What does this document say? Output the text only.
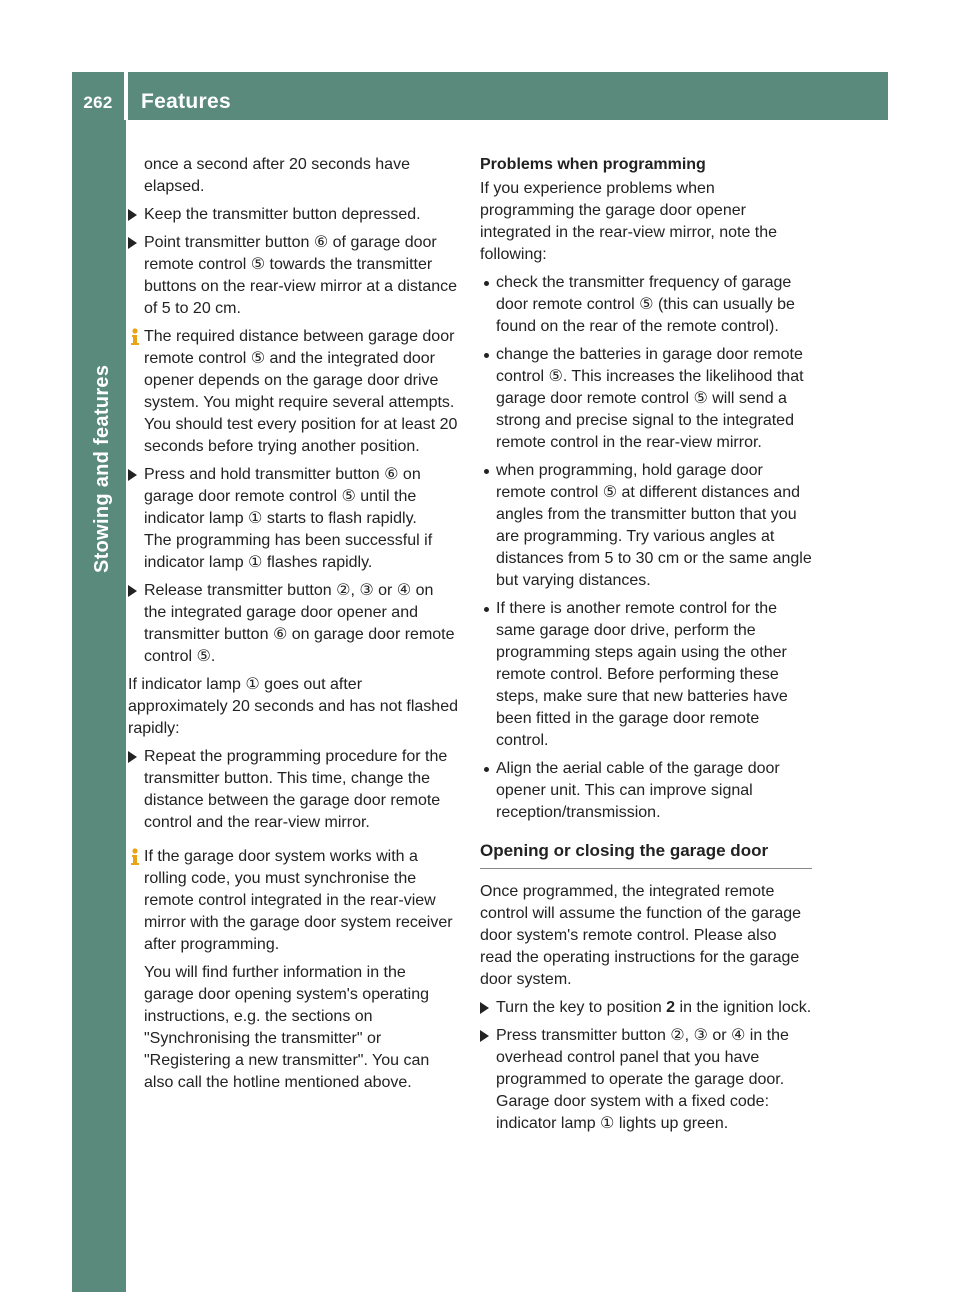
262	Features
Stowing and features
once a second after 20 seconds have elapsed.
Keep the transmitter button depressed.
Point transmitter button ⑥ of garage door remote control ⑤ towards the transmitter buttons on the rear-view mirror at a distance of 5 to 20 cm.
The required distance between garage door remote control ⑤ and the integrated door opener depends on the garage door drive system. You might require several attempts. You should test every position for at least 20 seconds before trying another position.
Press and hold transmitter button ⑥ on garage door remote control ⑤ until the indicator lamp ① starts to flash rapidly.
The programming has been successful if indicator lamp ① flashes rapidly.
Release transmitter button ②, ③ or ④ on the integrated garage door opener and transmitter button ⑥ on garage door remote control ⑤.
If indicator lamp ① goes out after approximately 20 seconds and has not flashed rapidly:
Repeat the programming procedure for the transmitter button. This time, change the distance between the garage door remote control and the rear-view mirror.
If the garage door system works with a rolling code, you must synchronise the remote control integrated in the rear-view mirror with the garage door system receiver after programming.
You will find further information in the garage door opening system's operating instructions, e.g. the sections on "Synchronising the transmitter" or "Registering a new transmitter". You can also call the hotline mentioned above.
Problems when programming
If you experience problems when programming the garage door opener integrated in the rear-view mirror, note the following:
check the transmitter frequency of garage door remote control ⑤ (this can usually be found on the rear of the remote control).
change the batteries in garage door remote control ⑤. This increases the likelihood that garage door remote control ⑤ will send a strong and precise signal to the integrated remote control in the rear-view mirror.
when programming, hold garage door remote control ⑤ at different distances and angles from the transmitter button that you are programming. Try various angles at distances from 5 to 30 cm or the same angle but varying distances.
If there is another remote control for the same garage door drive, perform the programming steps again using the other remote control. Before performing these steps, make sure that new batteries have been fitted in the garage door remote control.
Align the aerial cable of the garage door opener unit. This can improve signal reception/transmission.
Opening or closing the garage door
Once programmed, the integrated remote control will assume the function of the garage door system's remote control. Please also read the operating instructions for the garage door system.
Turn the key to position 2 in the ignition lock.
Press transmitter button ②, ③ or ④ in the overhead control panel that you have programmed to operate the garage door.
Garage door system with a fixed code: indicator lamp ① lights up green.
